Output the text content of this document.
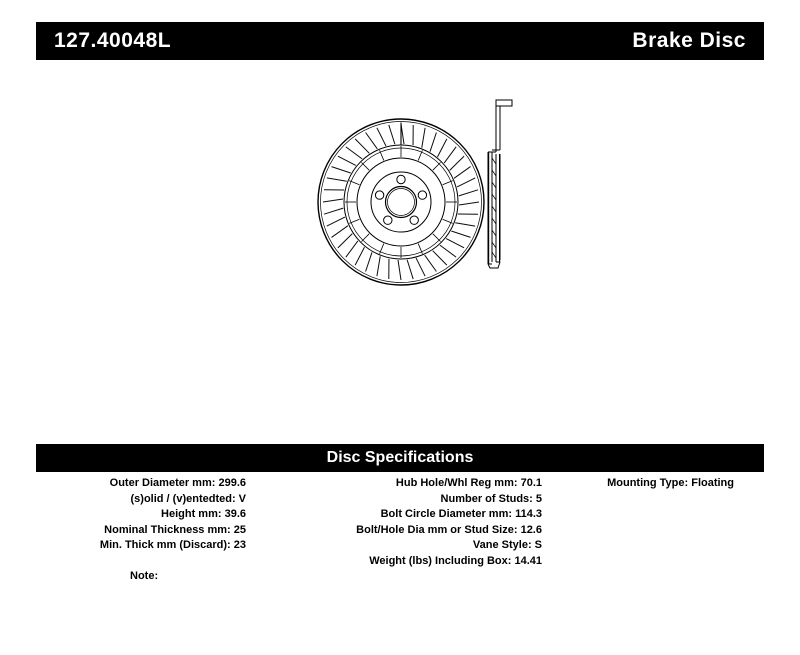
127.40048L	Brake Disc
Disc Specifications
Outer Diameter mm: 299.6
(s)olid / (v)entedted: V
Height mm: 39.6
Nominal Thickness mm: 25
Min. Thick mm (Discard): 23
Hub Hole/Whl Reg mm: 70.1
Number of Studs: 5
Bolt Circle Diameter mm: 114.3
Bolt/Hole Dia mm or Stud Size: 12.6
Vane Style: S
Weight (lbs) Including Box: 14.41
Mounting Type: Floating
Note:
